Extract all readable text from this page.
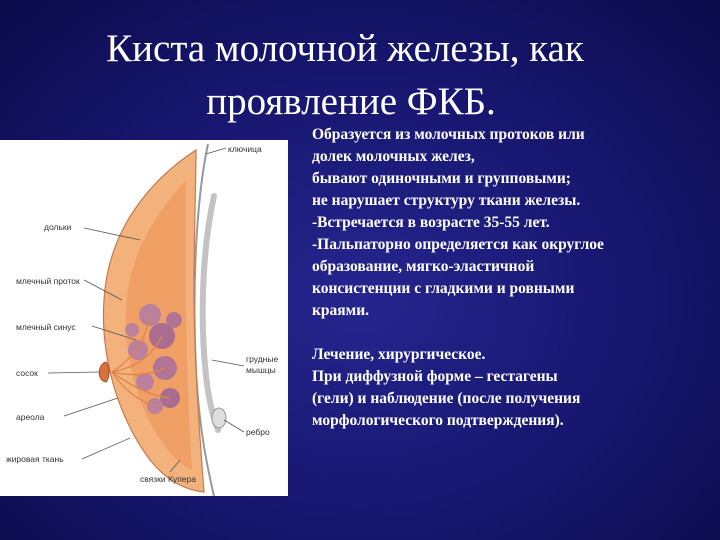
Киста молочной железы, как
проявление ФКБ.
ключица
дольки
млечный проток
млечный синус
сосок
ареола
жировая ткань
связки Купера
грудные
мышцы
ребро

Образуется из молочных протоков или

долек молочных желез,

бывают одиночными и групповыми;

не нарушает структуру ткани железы.

-Встречается в возрасте 35-55 лет.

-Пальпаторно определяется как округлое

образование, мягко-эластичной

консистенции с гладкими и ровными

краями.

Лечение, хирургическое.

При диффузной форме – гестагены

(гели) и наблюдение (после получения

морфологического подтверждения).
